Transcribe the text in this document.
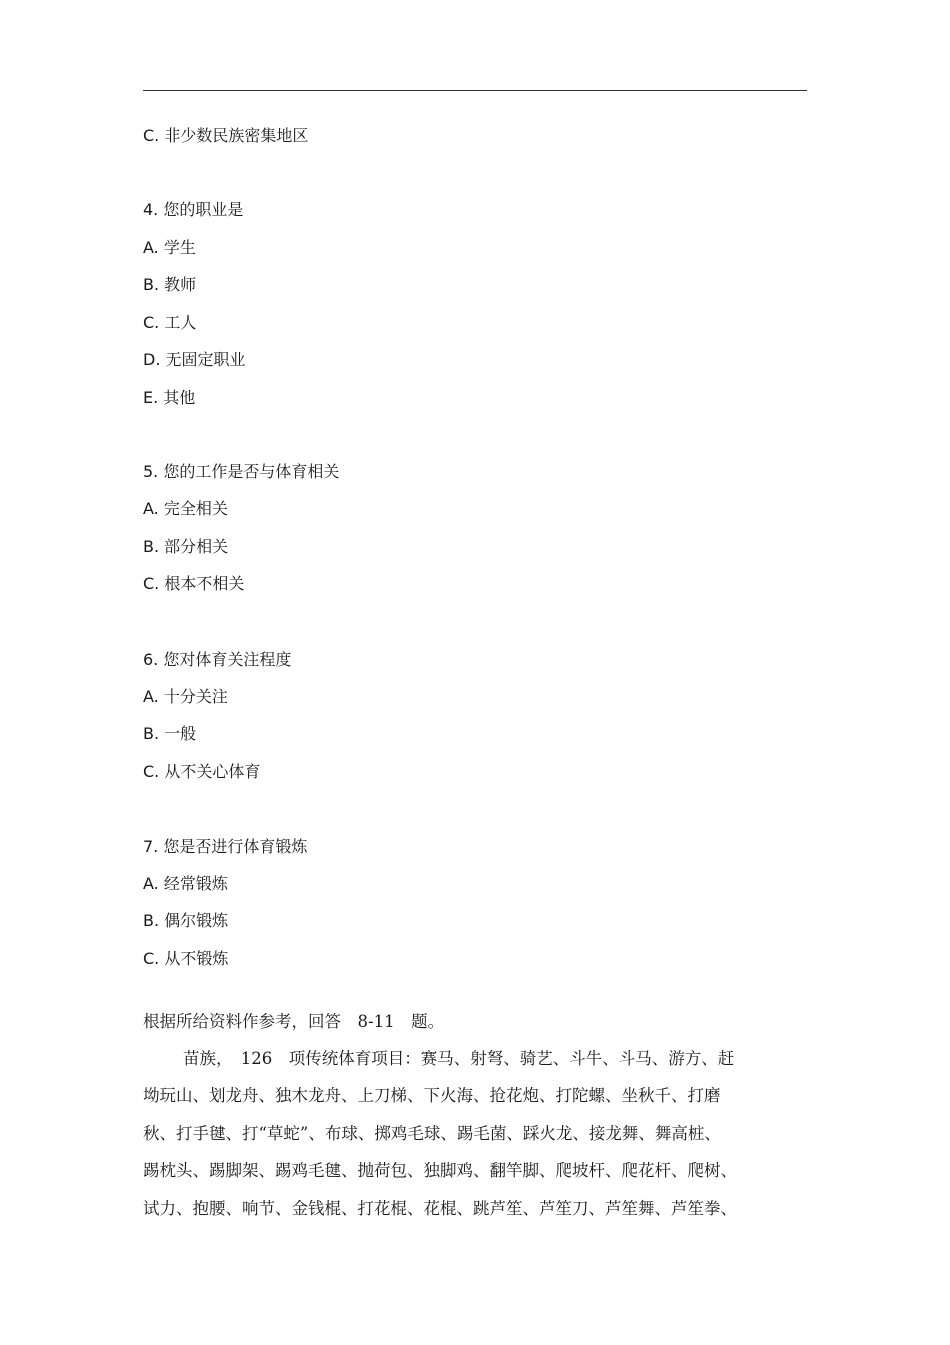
C. 非少数民族密集地区
4. 您的职业是
A. 学生
B. 教师
C. 工人
D. 无固定职业
E. 其他
5. 您的工作是否与体育相关
A. 完全相关
B. 部分相关
C. 根本不相关
6. 您对体育关注程度
A. 十分关注
B. 一般
C. 从不关心体育
7. 您是否进行体育锻炼
A. 经常锻炼
B. 偶尔锻炼
C. 从不锻炼
根据所给资料作参考，回答　8-11　题。
苗族，　126　项传统体育项目：赛马、射弩、骑艺、斗牛、斗马、游方、赶
坳玩山、划龙舟、独木龙舟、上刀梯、下火海、抢花炮、打陀螺、坐秋千、打磨
秋、打手毽、打“草蛇”、布球、掷鸡毛球、踢毛菌、踩火龙、接龙舞、舞高桩、
踢枕头、踢脚架、踢鸡毛毽、抛荷包、独脚鸡、翻竿脚、爬坡杆、爬花杆、爬树、
试力、抱腰、响节、金钱棍、打花棍、花棍、跳芦笙、芦笙刀、芦笙舞、芦笙拳、
